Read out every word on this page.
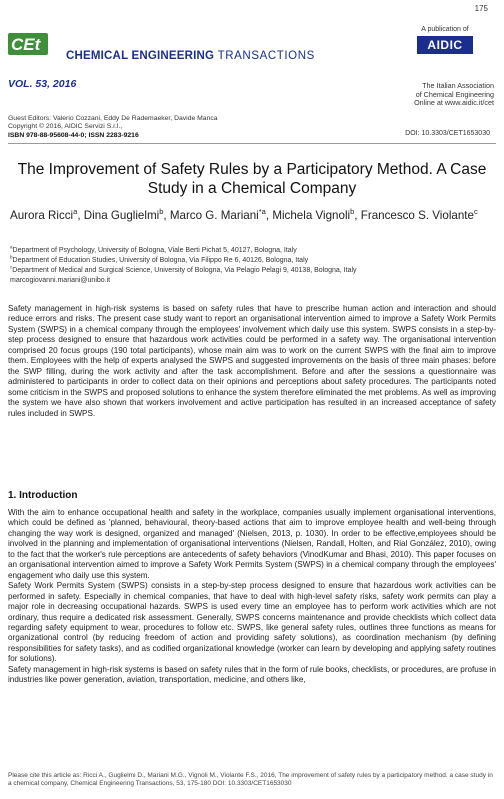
175
CEt
CHEMICAL ENGINEERING TRANSACTIONS
VOL. 53, 2016
A publication of
AIDIC
The Italian Association
of Chemical Engineering
Online at www.aidic.it/cet
Guest Editors: Valerio Cozzani, Eddy De Rademaeker, Davide Manca
Copyright © 2016, AIDIC Servizi S.r.l.,
ISBN 978-88-95608-44-0; ISSN 2283-9216	DOI: 10.3303/CET1653030
The Improvement of Safety Rules by a Participatory Method. A Case Study in a Chemical Company
Aurora Ricci$^a$, Dina Guglielmi$^b$, Marco G. Mariani$^{*a}$, Michela Vignoli$^b$, Francesco S. Violante$^c$
$^a$Department of Psychology, University of Bologna, Viale Berti Pichat 5, 40127, Bologna, Italy
$^b$Department of Education Studies, University of Bologna, Via Filippo Re 6, 40126, Bologna, Italy
$^c$Department of Medical and Surgical Science, University of Bologna, Via Pelagio Pelagi 9, 40138, Bologna, Italy
marcogiovanni.mariani@unibo.it

Safety management in high-risk systems is based on safety rules that have to prescribe human action and interaction and should reduce errors and risks. The present case study want to report an organisational intervention aimed to improve a Safety Work Permits System (SWPS) in a chemical company through the employees' involvement which daily use this system. SWPS consists in a step-by-step process designed to ensure that hazardous work activities could be performed in a safety way. The organisational intervention comprised 20 focus groups (190 total participants), whose main aim was to work on the current SWPS with the final aim to improve them. Employees with the help of experts analysed the SWPS and suggested improvements on the basis of three main phases: before the SWP filling, during the work activity and after the task accomplishment. Before and after the sessions a questionnaire was administered to participants in order to collect data on their opinions and perceptions about safety procedures. The participants noted some criticism in the SWPS and proposed solutions to enhance the system therefore eliminated the met problems. As well as improving the system we have also shown that workers involvement and active participation has resulted in an increased acceptance of safety rules included in SWPS.

1. Introduction

With the aim to enhance occupational health and safety in the workplace, companies usually implement organisational interventions, which could be defined as 'planned, behavioural, theory-based actions that aim to improve employee health and well-being through changing the way work is designed, organized and managed' (Nielsen, 2013, p. 1030). In order to be effective,employees should be involved in the planning and implementation of organisational interventions (Nielsen, Randall, Holten, and Rial González, 2010), owing to the fact that the worker's rule perceptions are antecedents of safety behaviors (VinodKumar and Bhasi, 2010). This paper focuses on an organisational intervention aimed to improve a Safety Work Permits System (SWPS) in a chemical company through the employees' engagement who daily use this system.

Safety Work Permits System (SWPS) consists in a step-by-step process designed to ensure that hazardous work activities can be performed in safety. Especially in chemical companies, that have to deal with high-level safety risks, safety work permits can play a major role in decreasing occupational hazards. SWPS is used every time an employee has to perform work activities which are not ordinary, thus require a dedicated risk assessment. Generally, SWPS concerns maintenance and provide checklists which collect data regarding safety equipment to wear, procedures to follow etc. SWPS, like general safety rules, outlines three functions as means for organizational control (by reducing freedom of action and providing safety solutions), as coordination mechanism (by defining responsibilities for safety tasks), and as codified organizational knowledge (worker can learn by developing and applying safety routines for solutions).

Safety management in high-risk systems is based on safety rules that in the form of rule books, checklists, or procedures, are profuse in industries like power generation, aviation, transportation, medicine, and others like,

Please cite this article as: Ricci A., Guglielmi D., Mariani M.G., Vignoli M., Violante F.S., 2016, The improvement of safety rules by a participatory method. a case study in a chemical company, Chemical Engineering Transactions, 53, 175-180 DOI: 10.3303/CET1653030
